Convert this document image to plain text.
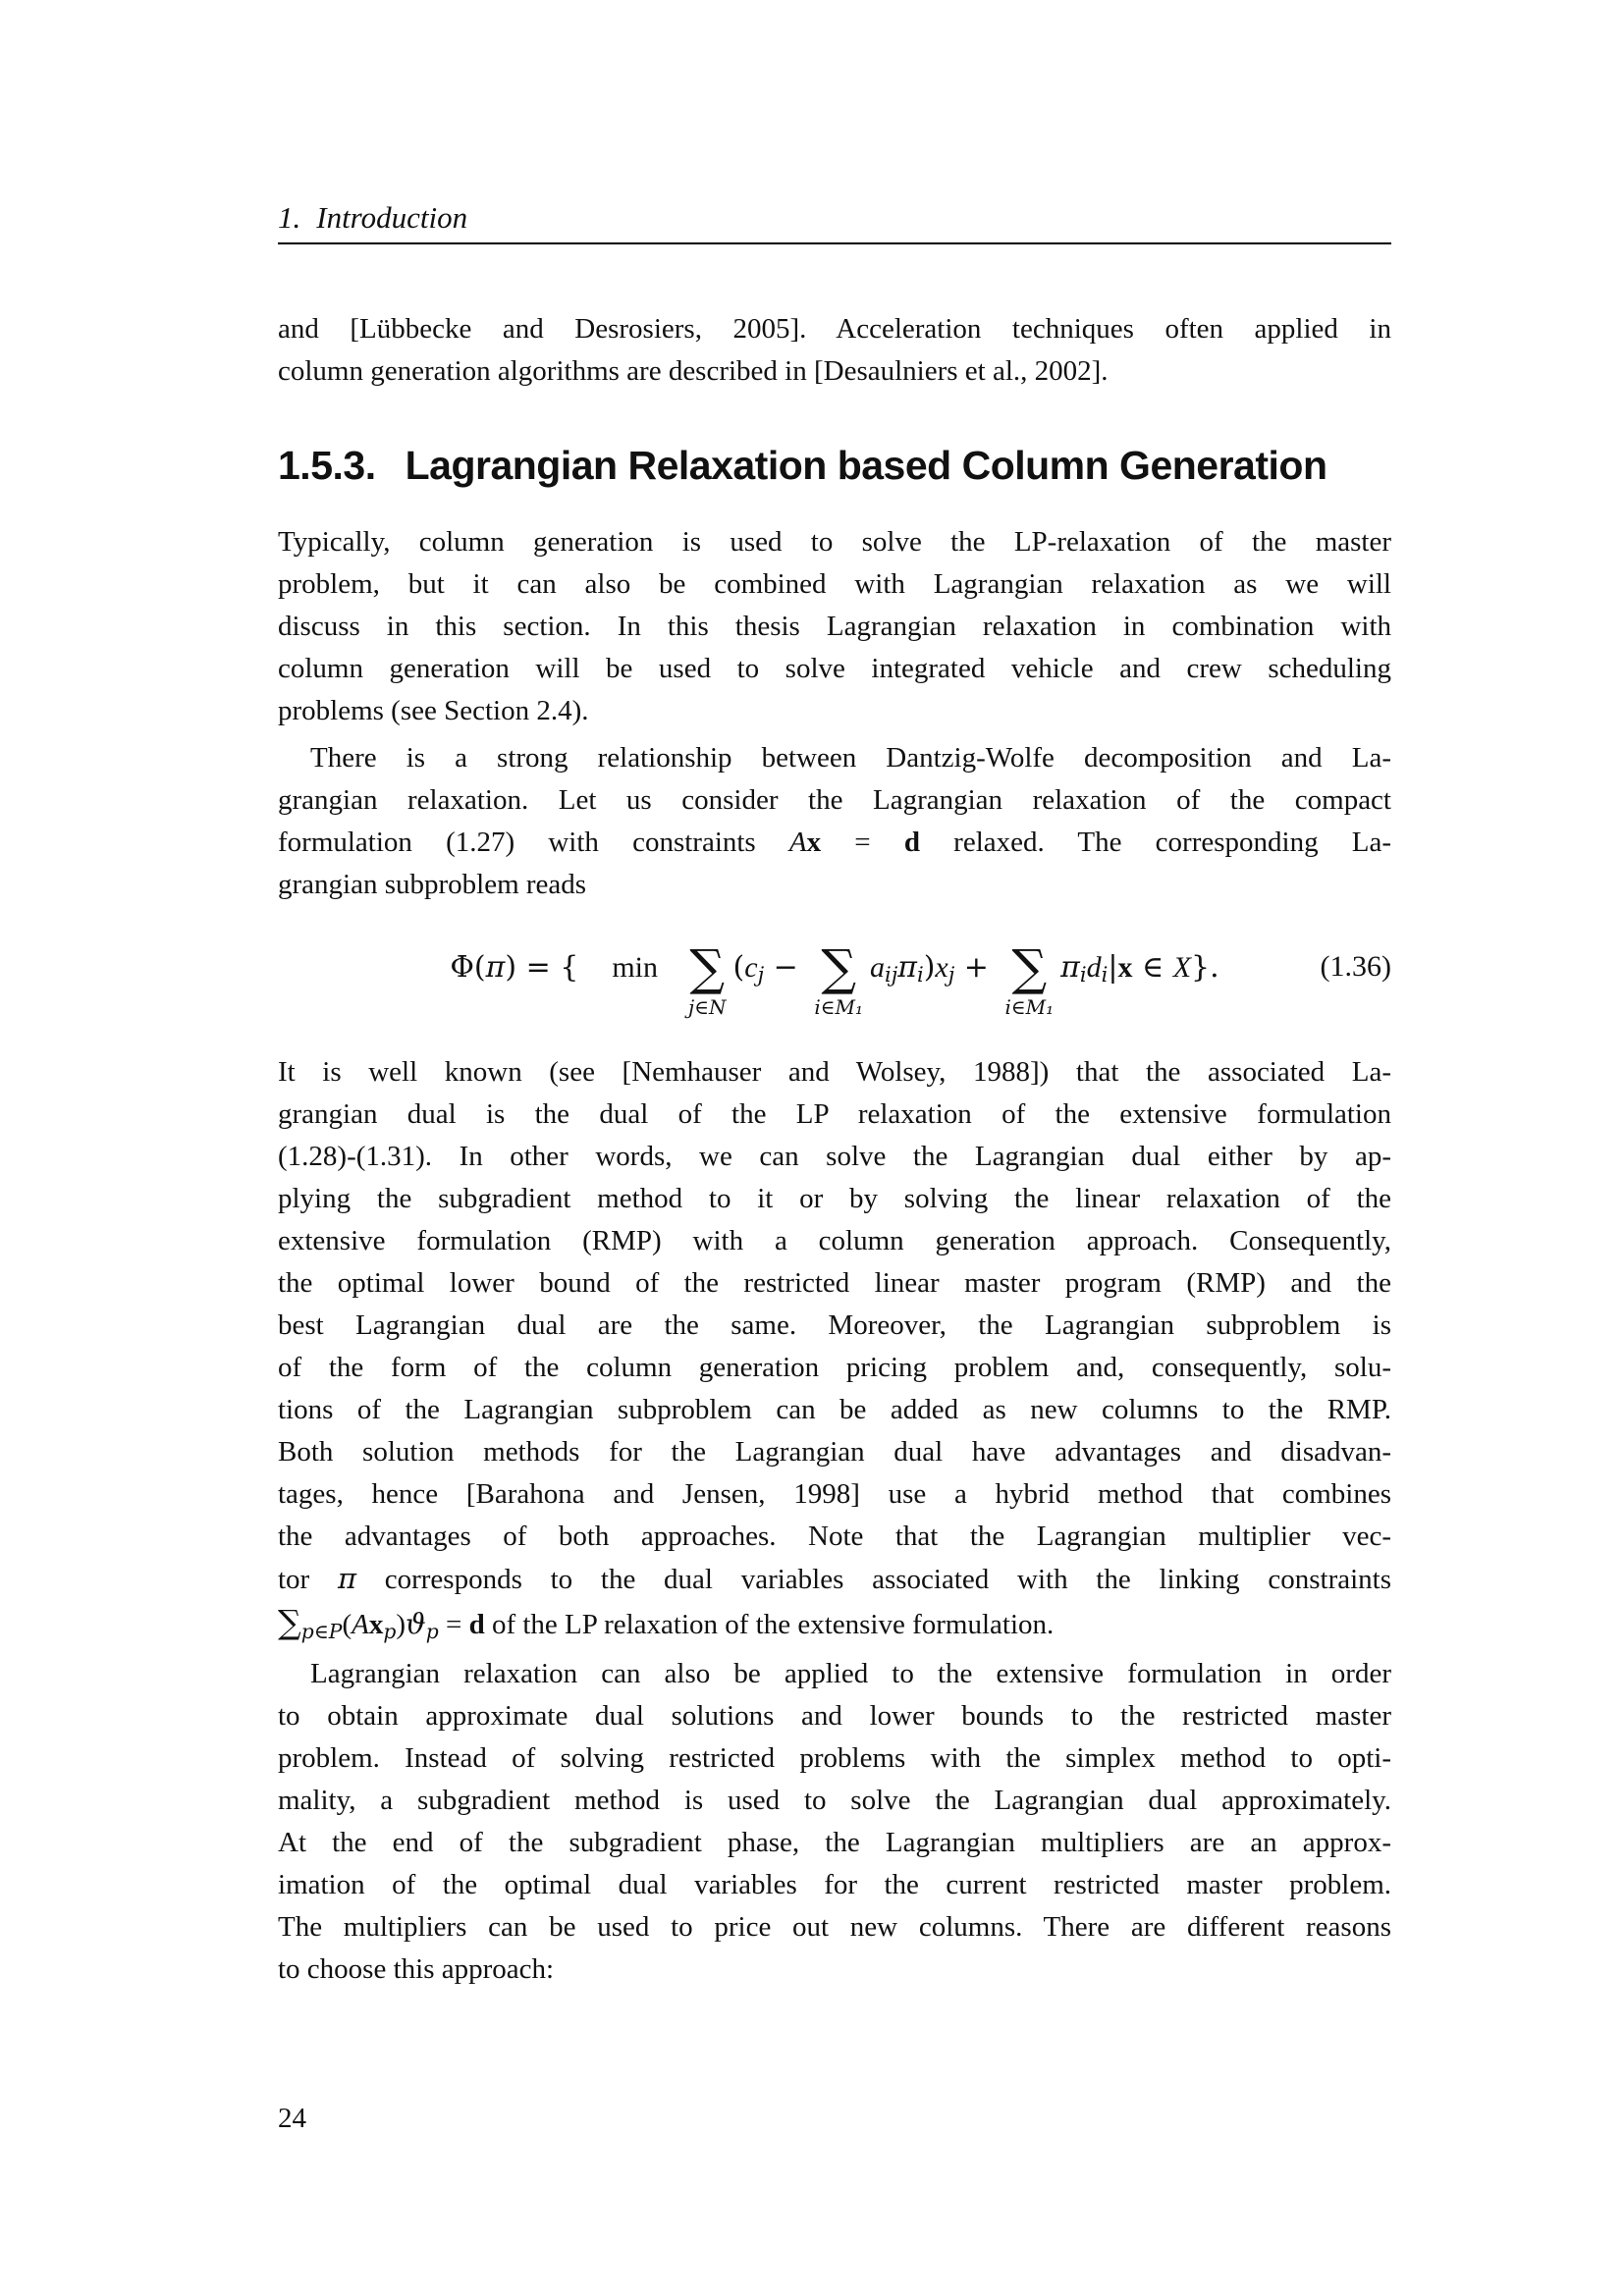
1. Introduction
and [Lübbecke and Desrosiers, 2005]. Acceleration techniques often applied in
column generation algorithms are described in [Desaulniers et al., 2002].
1.5.3. Lagrangian Relaxation based Column Generation
Typically, column generation is used to solve the LP-relaxation of the master
problem, but it can also be combined with Lagrangian relaxation as we will
discuss in this section. In this thesis Lagrangian relaxation in combination with
column generation will be used to solve integrated vehicle and crew scheduling
problems (see Section 2.4).
There is a strong relationship between Dantzig-Wolfe decomposition and La-
grangian relaxation. Let us consider the Lagrangian relaxation of the compact
formulation (1.27) with constraints Ax = d relaxed. The corresponding La-
grangian subproblem reads
Φ(π) = { min ∑
j∈N
(cj − ∑
i∈M₁
aijπi)xj + ∑
i∈M₁
πidi|x ∈ X}.	(1.36)
It is well known (see [Nemhauser and Wolsey, 1988]) that the associated La-
grangian dual is the dual of the LP relaxation of the extensive formulation
(1.28)-(1.31). In other words, we can solve the Lagrangian dual either by ap-
plying the subgradient method to it or by solving the linear relaxation of the
extensive formulation (RMP) with a column generation approach. Consequently,
the optimal lower bound of the restricted linear master program (RMP) and the
best Lagrangian dual are the same. Moreover, the Lagrangian subproblem is
of the form of the column generation pricing problem and, consequently, solu-
tions of the Lagrangian subproblem can be added as new columns to the RMP.
Both solution methods for the Lagrangian dual have advantages and disadvan-
tages, hence [Barahona and Jensen, 1998] use a hybrid method that combines
the advantages of both approaches. Note that the Lagrangian multiplier vec-
tor π corresponds to the dual variables associated with the linking constraints
∑p∈P(Axp)ϑp = d of the LP relaxation of the extensive formulation.
Lagrangian relaxation can also be applied to the extensive formulation in order
to obtain approximate dual solutions and lower bounds to the restricted master
problem. Instead of solving restricted problems with the simplex method to opti-
mality, a subgradient method is used to solve the Lagrangian dual approximately.
At the end of the subgradient phase, the Lagrangian multipliers are an approx-
imation of the optimal dual variables for the current restricted master problem.
The multipliers can be used to price out new columns. There are different reasons
to choose this approach:
24
